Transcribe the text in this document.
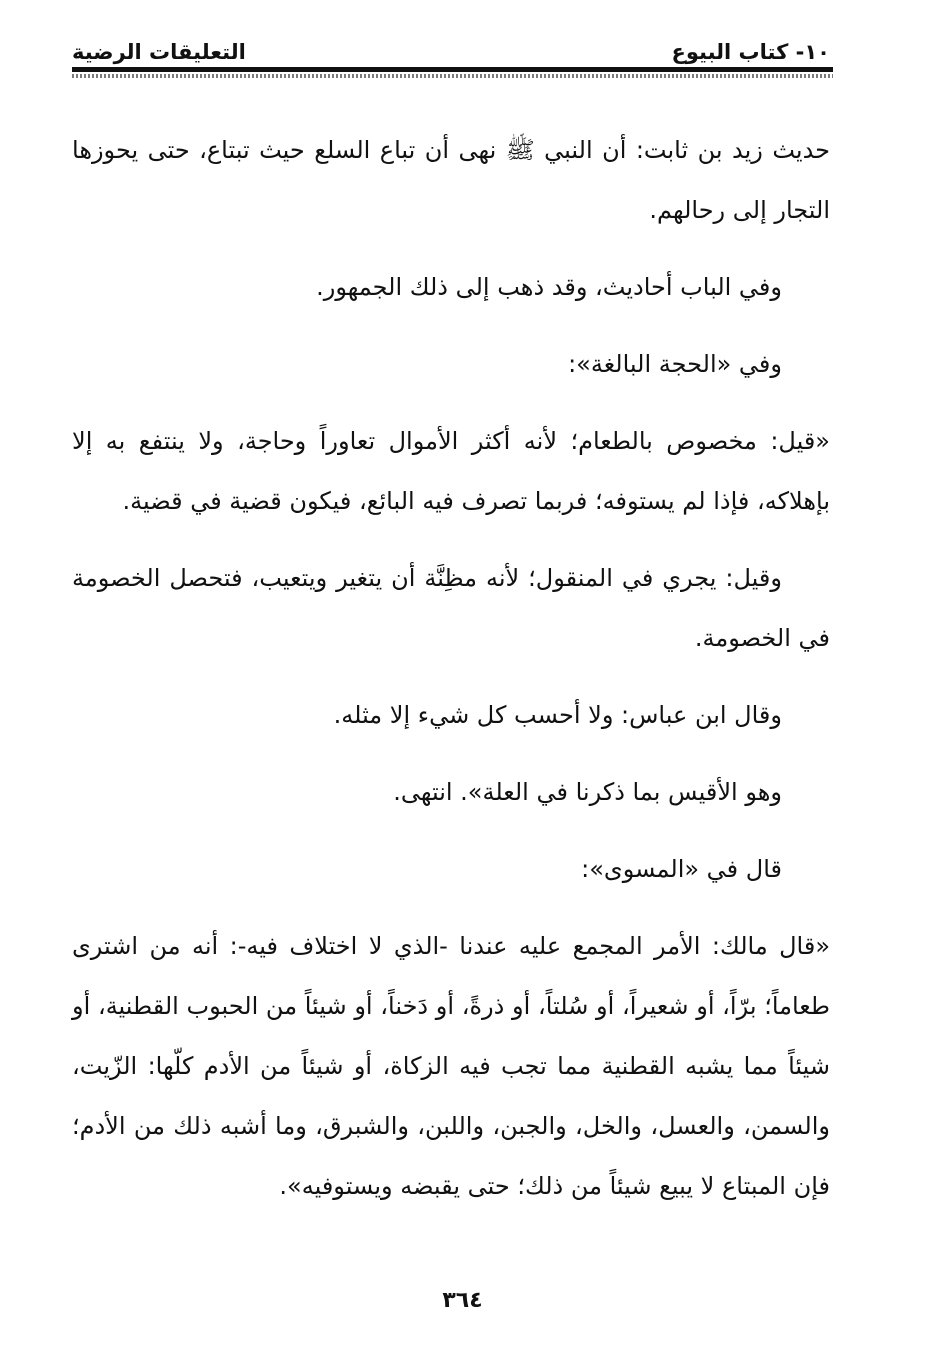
١٠- كتاب البيوع
التعليقات الرضية

حديث زيد بن ثابت: أن النبي ﷺ نهى أن تباع السلع حيث تبتاع، حتى يحوزها التجار إلى رحالهم.

وفي الباب أحاديث، وقد ذهب إلى ذلك الجمهور.

وفي «الحجة البالغة»:

«قيل: مخصوص بالطعام؛ لأنه أكثر الأموال تعاوراً وحاجة، ولا ينتفع به إلا بإهلاكه، فإذا لم يستوفه؛ فربما تصرف فيه البائع، فيكون قضية في قضية.

وقيل: يجري في المنقول؛ لأنه مظِنَّة أن يتغير ويتعيب، فتحصل الخصومة في الخصومة.

وقال ابن عباس: ولا أحسب كل شيء إلا مثله.

وهو الأقيس بما ذكرنا في العلة». انتهى.

قال في «المسوى»:

«قال مالك: الأمر المجمع عليه عندنا -الذي لا اختلاف فيه-: أنه من اشترى طعاماً؛ برّاً، أو شعيراً، أو سُلتاً، أو ذرةً، أو دَخناً، أو شيئاً من الحبوب القطنية، أو شيئاً مما يشبه القطنية مما تجب فيه الزكاة، أو شيئاً من الأدم كلّها: الزّيت، والسمن، والعسل، والخل، والجبن، واللبن، والشبرق، وما أشبه ذلك من الأدم؛ فإن المبتاع لا يبيع شيئاً من ذلك؛ حتى يقبضه ويستوفيه».

٣٦٤
